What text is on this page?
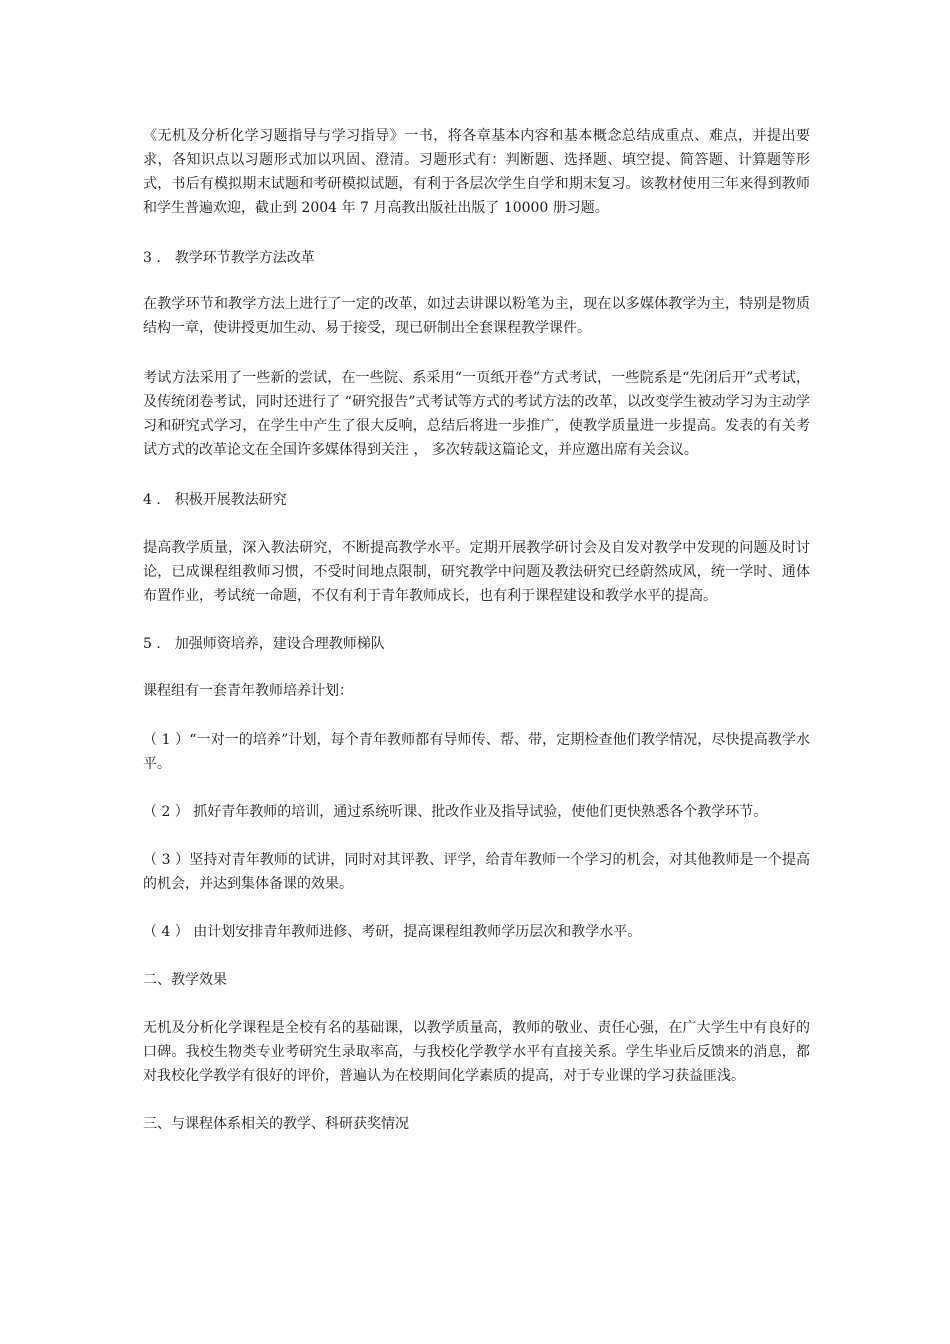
《无机及分析化学习题指导与学习指导》一书，将各章基本内容和基本概念总结成重点、难点，并提出要求，各知识点以习题形式加以巩固、澄清。习题形式有：判断题、选择题、填空提、简答题、计算题等形式，书后有模拟期末试题和考研模拟试题，有利于各层次学生自学和期末复习。该教材使用三年来得到教师和学生普遍欢迎，截止到 2004 年 7 月高教出版社出版了 10000 册习题。

3 ． 教学环节教学方法改革

在教学环节和教学方法上进行了一定的改革，如过去讲课以粉笔为主，现在以多媒体教学为主，特别是物质结构一章，使讲授更加生动、易于接受，现已研制出全套课程教学课件。

考试方法采用了一些新的尝试，在一些院、系采用“一页纸开卷”方式考试，一些院系是“先闭后开”式考试，及传统闭卷考试，同时还进行了 “研究报告”式考试等方式的考试方法的改革，以改变学生被动学习为主动学习和研究式学习，在学生中产生了很大反响，总结后将进一步推广，使教学质量进一步提高。发表的有关考试方式的改革论文在全国许多媒体得到关注 ， 多次转载这篇论文，并应邀出席有关会议。

4 ． 积极开展教法研究

提高教学质量，深入教法研究，不断提高教学水平。定期开展教学研讨会及自发对教学中发现的问题及时讨论，已成课程组教师习惯，不受时间地点限制，研究教学中问题及教法研究已经蔚然成风，统一学时、通体布置作业，考试统一命题，不仅有利于青年教师成长，也有利于课程建设和教学水平的提高。

5 ． 加强师资培养，建设合理教师梯队

课程组有一套青年教师培养计划：

（ 1 ）“一对一的培养”计划，每个青年教师都有导师传、帮、带，定期检查他们教学情况，尽快提高教学水平。

（ 2 ） 抓好青年教师的培训，通过系统听课、批改作业及指导试验，使他们更快熟悉各个教学环节。

（ 3 ）坚持对青年教师的试讲，同时对其评教、评学，给青年教师一个学习的机会，对其他教师是一个提高的机会，并达到集体备课的效果。

（ 4 ） 由计划安排青年教师进修、考研，提高课程组教师学历层次和教学水平。

二、教学效果

无机及分析化学课程是全校有名的基础课，以教学质量高，教师的敬业、责任心强，在广大学生中有良好的口碑。我校生物类专业考研究生录取率高，与我校化学教学水平有直接关系。学生毕业后反馈来的消息，都对我校化学教学有很好的评价，普遍认为在校期间化学素质的提高，对于专业课的学习获益匪浅。

三、与课程体系相关的教学、科研获奖情况
